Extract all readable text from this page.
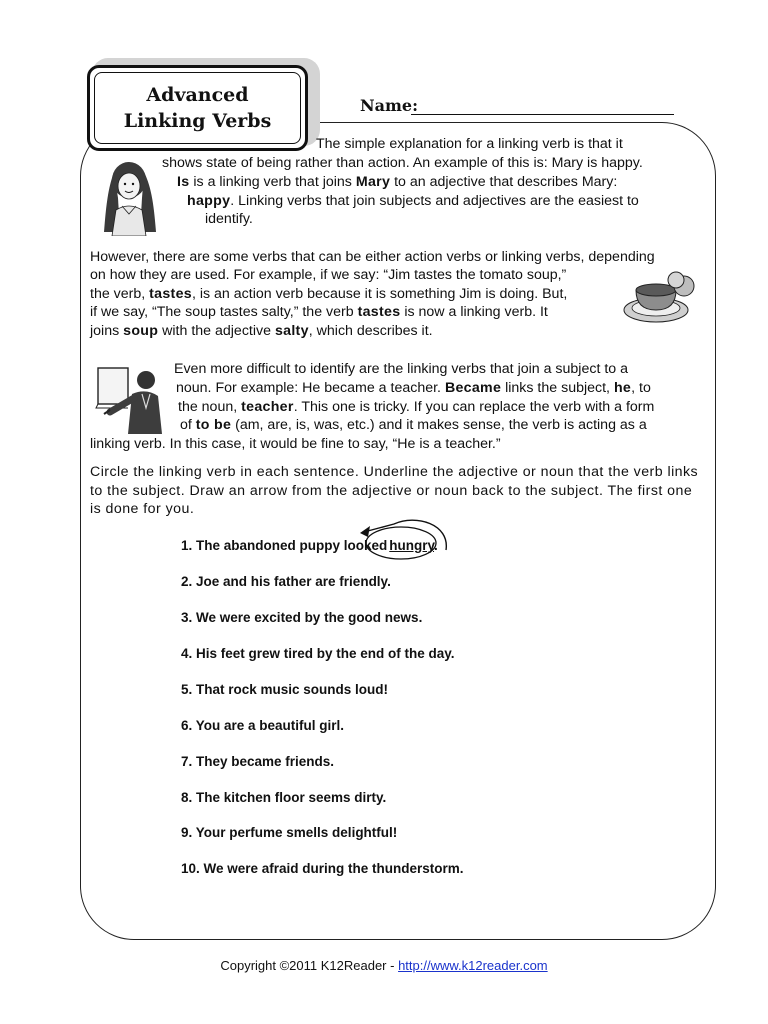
Advanced
Linking Verbs
Name:
The simple explanation for a linking verb is that it
shows state of being rather than action. An example of this is: Mary is happy.
Is is a linking verb that joins Mary to an adjective that describes Mary:
happy. Linking verbs that join subjects and adjectives are the easiest to
identify.
However, there are some verbs that can be either action verbs or linking verbs, depending
on how they are used. For example, if we say: “Jim tastes the tomato soup,”
the verb, tastes, is an action verb because it is something Jim is doing. But,
if we say, “The soup tastes salty,” the verb tastes is now a linking verb. It
joins soup with the adjective salty, which describes it.
Even more difficult to identify are the linking verbs that join a subject to a
noun. For example: He became a teacher. Became links the subject, he, to
the noun, teacher. This one is tricky. If you can replace the verb with a form
of to be (am, are, is, was, etc.) and it makes sense, the verb is acting as a
linking verb. In this case, it would be fine to say, “He is a teacher.”
Circle the linking verb in each sentence. Underline the adjective or noun that the verb links to the subject. Draw an arrow from the adjective or noun back to the subject. The first one is done for you.
1. The abandoned puppy looked hungry.
2. Joe and his father are friendly.
3. We were excited by the good news.
4. His feet grew tired by the end of the day.
5. That rock music sounds loud!
6. You are a beautiful girl.
7. They became friends.
8. The kitchen floor seems dirty.
9. Your perfume smells delightful!
10. We were afraid during the thunderstorm.
Copyright ©2011 K12Reader - http://www.k12reader.com
